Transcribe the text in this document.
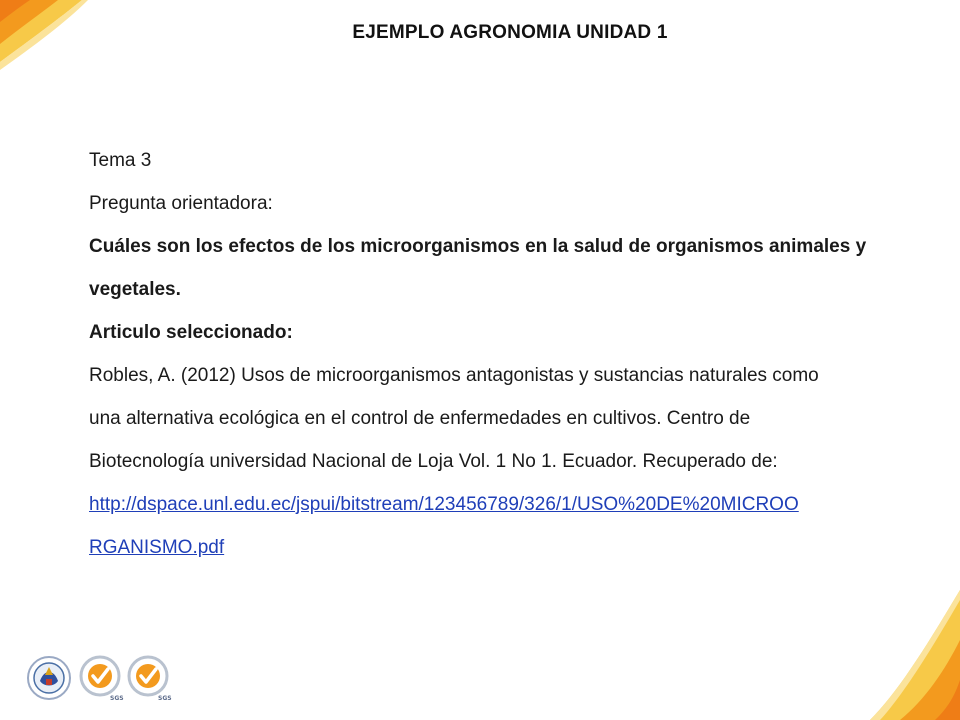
EJEMPLO AGRONOMIA UNIDAD 1
Tema 3
Pregunta orientadora:
Cuáles son los efectos de los microorganismos en la salud de organismos animales y
vegetales.
Articulo seleccionado:
Robles, A. (2012) Usos de microorganismos antagonistas y sustancias naturales como
una alternativa ecológica en el control de enfermedades en cultivos. Centro de
Biotecnología universidad Nacional de Loja Vol. 1 No 1. Ecuador. Recuperado de:
http://dspace.unl.edu.ec/jspui/bitstream/123456789/326/1/USO%20DE%20MICROO
RGANISMO.pdf
SGS	SGS
